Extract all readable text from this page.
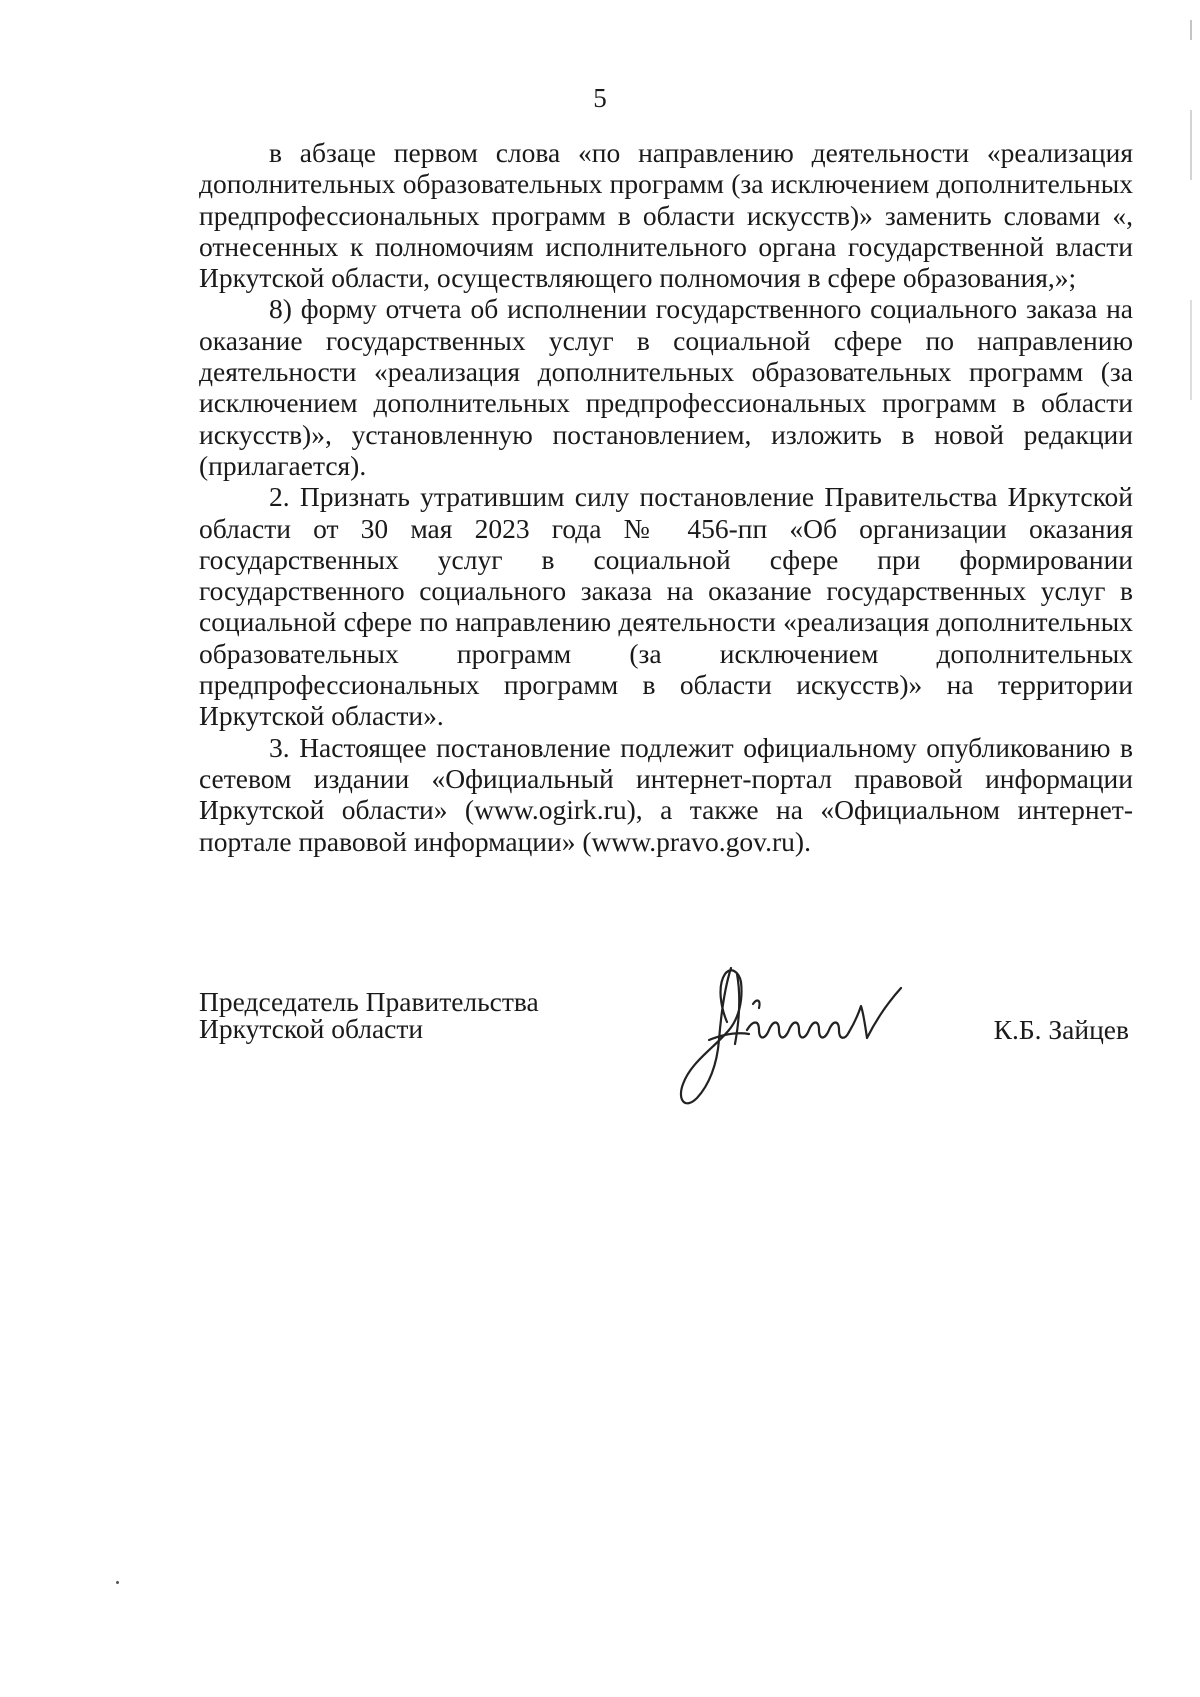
5

в абзаце первом слова «по направлению деятельности «реализация дополнительных образовательных программ (за исключением дополнительных предпрофессиональных программ в области искусств)» заменить словами «, отнесенных к полномочиям исполнительного органа государственной власти Иркутской области, осуществляющего полномочия в сфере образования,»;

8) форму отчета об исполнении государственного социального заказа на оказание государственных услуг в социальной сфере по направлению деятельности «реализация дополнительных образовательных программ (за исключением дополнительных предпрофессиональных программ в области искусств)», установленную постановлением, изложить в новой редакции (прилагается).

2. Признать утратившим силу постановление Правительства Иркутской области от 30 мая 2023 года № 456-пп «Об организации оказания государственных услуг в социальной сфере при формировании государственного социального заказа на оказание государственных услуг в социальной сфере по направлению деятельности «реализация дополнительных образовательных программ (за исключением дополнительных предпрофессиональных программ в области искусств)» на территории Иркутской области».

3. Настоящее постановление подлежит официальному опубликованию в сетевом издании «Официальный интернет-портал правовой информации Иркутской области» (www.ogirk.ru), а также на «Официальном интернет-портале правовой информации» (www.pravo.gov.ru).

Председатель Правительства
Иркутской области	К.Б. Зайцев
